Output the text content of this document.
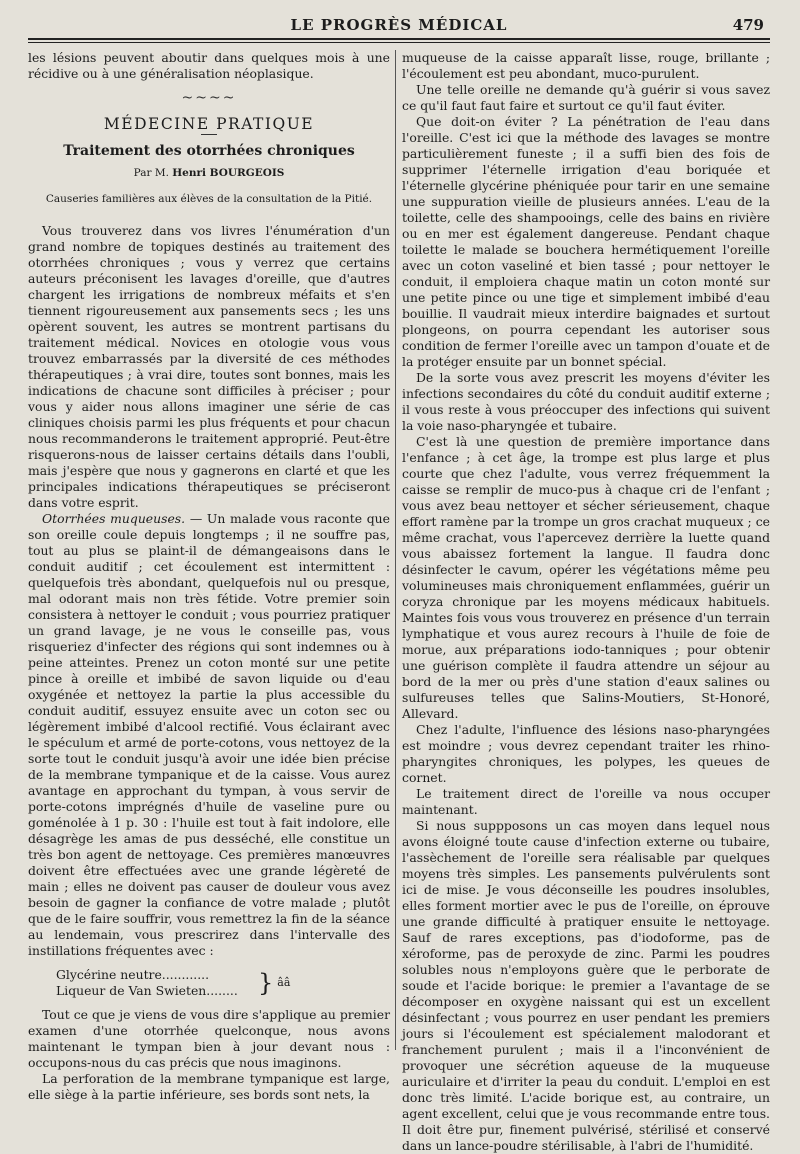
LE PROGRÈS MÉDICAL	479

les lésions peuvent aboutir dans quelques mois à une récidive ou à une généralisation néoplasique.

~~~~
MÉDECINE PRATIQUE
Traitement des otorrhées chroniques
Par M. Henri BOURGEOIS
Causeries familières aux élèves de la consultation de la Pitié.

Vous trouverez dans vos livres l'énumération d'un grand nombre de topiques destinés au traitement des otorrhées chroniques ; vous y verrez que certains auteurs préconisent les lavages d'oreille, que d'autres chargent les irrigations de nombreux méfaits et s'en tiennent rigoureusement aux pansements secs ; les uns opèrent souvent, les autres se montrent partisans du traitement médical. Novices en otologie vous vous trouvez embarrassés par la diversité de ces méthodes thérapeutiques ; à vrai dire, toutes sont bonnes, mais les indications de chacune sont difficiles à préciser ; pour vous y aider nous allons imaginer une série de cas cliniques choisis parmi les plus fréquents et pour chacun nous recommanderons le traitement approprié. Peut-être risquerons-nous de laisser certains détails dans l'oubli, mais j'espère que nous y gagnerons en clarté et que les principales indications thérapeutiques se préciseront dans votre esprit.

Otorrhées muqueuses. — Un malade vous raconte que son oreille coule depuis longtemps ; il ne souffre pas, tout au plus se plaint-il de démangeaisons dans le conduit auditif ; cet écoulement est intermittent : quelquefois très abondant, quelquefois nul ou presque, mal odorant mais non très fétide. Votre premier soin consistera à nettoyer le conduit ; vous pourriez pratiquer un grand lavage, je ne vous le conseille pas, vous risqueriez d'infecter des régions qui sont indemnes ou à peine atteintes. Prenez un coton monté sur une petite pince à oreille et imbibé de savon liquide ou d'eau oxygénée et nettoyez la partie la plus accessible du conduit auditif, essuyez ensuite avec un coton sec ou légèrement imbibé d'alcool rectifié. Vous éclairant avec le spéculum et armé de porte-cotons, vous nettoyez de la sorte tout le conduit jusqu'à avoir une idée bien précise de la membrane tympanique et de la caisse. Vous aurez avantage en approchant du tympan, à vous servir de porte-cotons imprégnés d'huile de vaseline pure ou goménolée à 1 p. 30 : l'huile est tout à fait indolore, elle désagrège les amas de pus desséché, elle constitue un très bon agent de nettoyage. Ces premières manœuvres doivent être effectuées avec une grande légèreté de main ; elles ne doivent pas causer de douleur vous avez besoin de gagner la confiance de votre malade ; plutôt que de le faire souffrir, vous remettrez la fin de la séance au lendemain, vous prescrirez dans l'intervalle des instillations fréquentes avec :

Glycérine neutre............
Liqueur de Van Swieten........ } ââ

Tout ce que je viens de vous dire s'applique au premier examen d'une otorrhée quelconque, nous avons maintenant le tympan bien à jour devant nous : occupons-nous du cas précis que nous imaginons.

La perforation de la membrane tympanique est large, elle siège à la partie inférieure, ses bords sont nets, la

muqueuse de la caisse apparaît lisse, rouge, brillante ; l'écoulement est peu abondant, muco-purulent.

Une telle oreille ne demande qu'à guérir si vous savez ce qu'il faut faut faire et surtout ce qu'il faut éviter.

Que doit-on éviter ? La pénétration de l'eau dans l'oreille. C'est ici que la méthode des lavages se montre particulièrement funeste ; il a suffi bien des fois de supprimer l'éternelle irrigation d'eau boriquée et l'éternelle glycérine phéniquée pour tarir en une semaine une suppuration vieille de plusieurs années. L'eau de la toilette, celle des shampooings, celle des bains en rivière ou en mer est également dangereuse. Pendant chaque toilette le malade se bouchera hermétiquement l'oreille avec un coton vaseliné et bien tassé ; pour nettoyer le conduit, il emploiera chaque matin un coton monté sur une petite pince ou une tige et simplement imbibé d'eau bouillie. Il vaudrait mieux interdire baignades et surtout plongeons, on pourra cependant les autoriser sous condition de fermer l'oreille avec un tampon d'ouate et de la protéger ensuite par un bonnet spécial.

De la sorte vous avez prescrit les moyens d'éviter les infections secondaires du côté du conduit auditif externe ; il vous reste à vous préoccuper des infections qui suivent la voie naso-pharyngée et tubaire.

C'est là une question de première importance dans l'enfance ; à cet âge, la trompe est plus large et plus courte que chez l'adulte, vous verrez fréquemment la caisse se remplir de muco-pus à chaque cri de l'enfant ; vous avez beau nettoyer et sécher sérieusement, chaque effort ramène par la trompe un gros crachat muqueux ; ce même crachat, vous l'apercevez derrière la luette quand vous abaissez fortement la langue. Il faudra donc désinfecter le cavum, opérer les végétations même peu volumineuses mais chroniquement enflammées, guérir un coryza chronique par les moyens médicaux habituels. Maintes fois vous vous trouverez en présence d'un terrain lymphatique et vous aurez recours à l'huile de foie de morue, aux préparations iodo-tanniques ; pour obtenir une guérison complète il faudra attendre un séjour au bord de la mer ou près d'une station d'eaux salines ou sulfureuses telles que Salins-Moutiers, St-Honoré, Allevard.

Chez l'adulte, l'influence des lésions naso-pharyngées est moindre ; vous devrez cependant traiter les rhino-pharyngites chroniques, les polypes, les queues de cornet.

Le traitement direct de l'oreille va nous occuper maintenant.

Si nous suppposons un cas moyen dans lequel nous avons éloigné toute cause d'infection externe ou tubaire, l'assèchement de l'oreille sera réalisable par quelques moyens très simples. Les pansements pulvérulents sont ici de mise. Je vous déconseille les poudres insolubles, elles forment mortier avec le pus de l'oreille, on éprouve une grande difficulté à pratiquer ensuite le nettoyage. Sauf de rares exceptions, pas d'iodoforme, pas de xéroforme, pas de peroxyde de zinc. Parmi les poudres solubles nous n'employons guère que le perborate de soude et l'acide borique: le premier a l'avantage de se décomposer en oxygène naissant qui est un excellent désinfectant ; vous pourrez en user pendant les premiers jours si l'écoulement est spécialement malodorant et franchement purulent ; mais il a l'inconvénient de provoquer une sécrétion aqueuse de la muqueuse auriculaire et d'irriter la peau du conduit. L'emploi en est donc très limité. L'acide borique est, au contraire, un agent excellent, celui que je vous recommande entre tous. Il doit être pur, finement pulvérisé, stérilisé et conservé dans un lance-poudre stérilisable, à l'abri de l'humidité.
